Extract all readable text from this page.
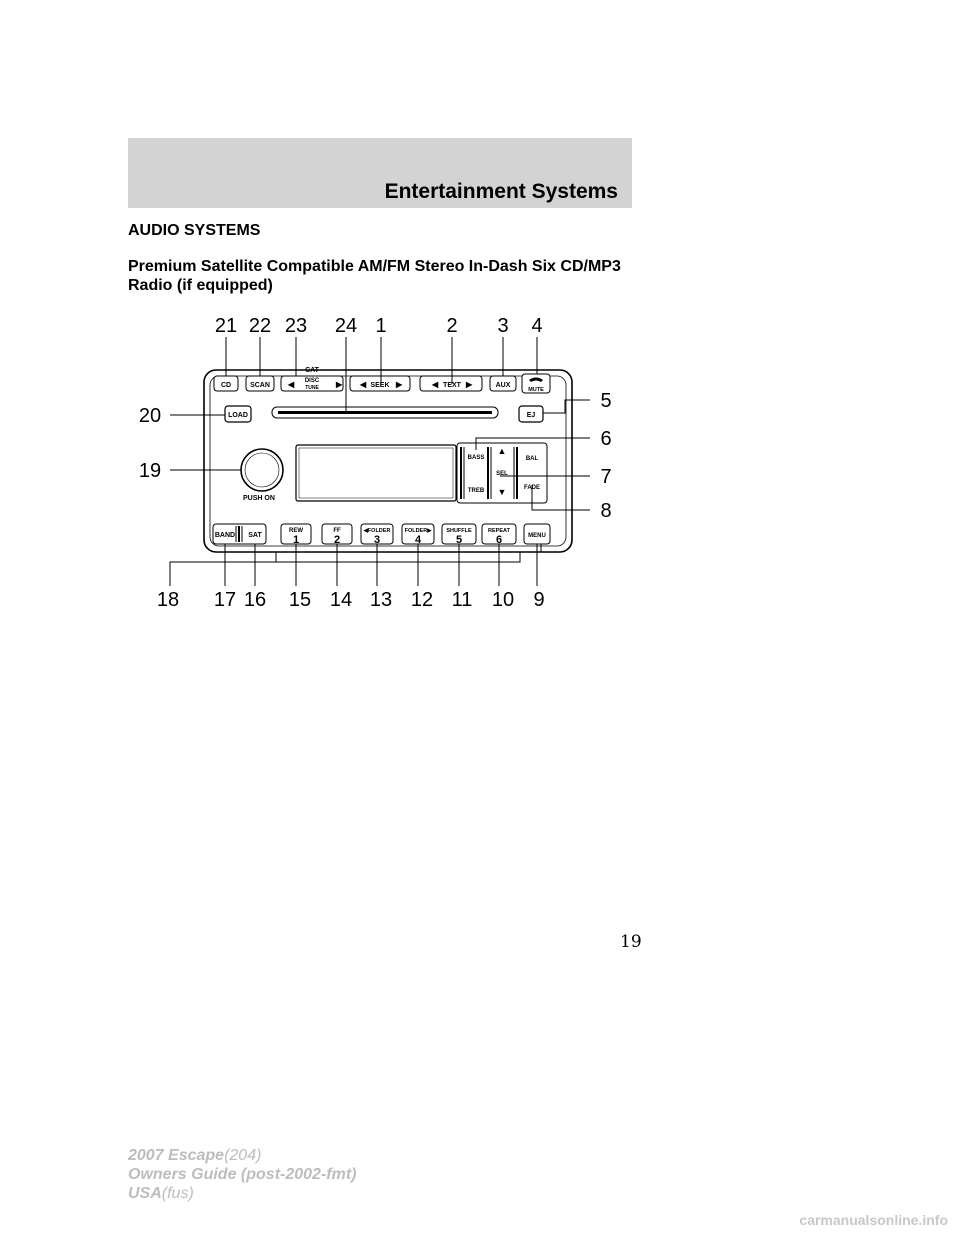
Entertainment Systems
AUDIO SYSTEMS
Premium Satellite Compatible AM/FM Stereo In-Dash Six CD/MP3
Radio (if equipped)
CD	SCAN
CAT
◀	▶
DISC
TUNE	◀ SEEK ▶	◀ TEXT ▶	AUX
MUTE
LOAD	EJ
PUSH ON
BASS
TREB
▲
SEL
▼
BAL
FADE
BAND SAT
REW
1
FF
2
◀FOLDER
3
FOLDER▶
4
SHUFFLE
5
REPEAT
6	MENU
21 22 23 24 1	2 3 4
5
6
7
8
20
19
18 17 16 15 14 13 12 11 10 9
19
2007 Escape(204)
Owners Guide (post-2002-fmt)
USA(fus)
carmanualsonline.info
